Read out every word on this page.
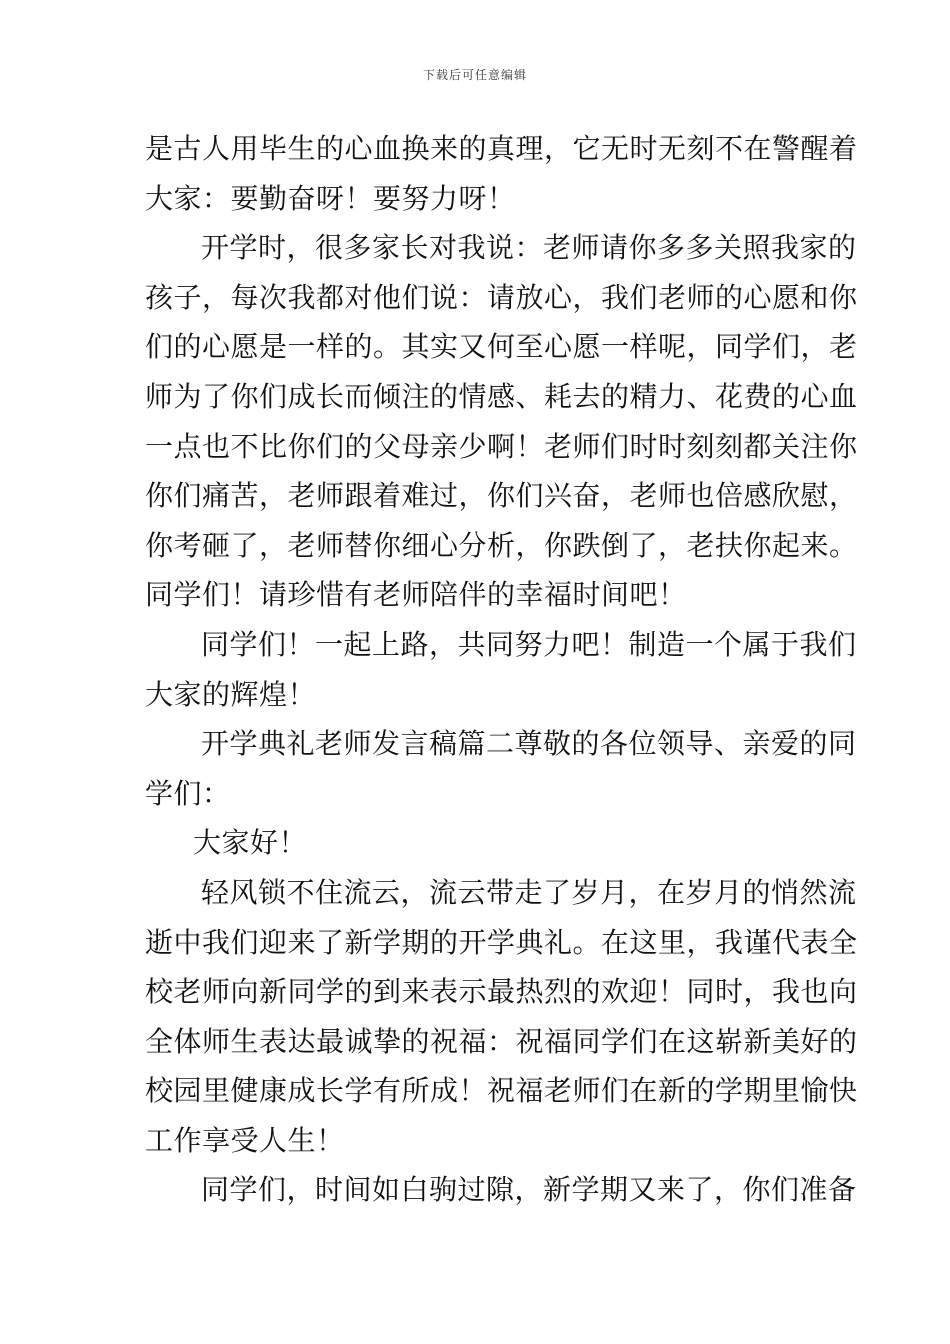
下载后可任意编辑
是古人用毕生的心血换来的真理，它无时无刻不在警醒着
大家：要勤奋呀！要努力呀！
开学时，很多家长对我说：老师请你多多关照我家的
孩子，每次我都对他们说：请放心，我们老师的心愿和你
们的心愿是一样的。其实又何至心愿一样呢，同学们，老
师为了你们成长而倾注的情感、耗去的精力、花费的心血
一点也不比你们的父母亲少啊！老师们时时刻刻都关注你
你们痛苦，老师跟着难过，你们兴奋，老师也倍感欣慰，
你考砸了，老师替你细心分析，你跌倒了，老扶你起来。
同学们！请珍惜有老师陪伴的幸福时间吧！
同学们！一起上路，共同努力吧！制造一个属于我们
大家的辉煌！
开学典礼老师发言稿篇二尊敬的各位领导、亲爱的同
学们：
大家好！
轻风锁不住流云，流云带走了岁月，在岁月的悄然流
逝中我们迎来了新学期的开学典礼。在这里，我谨代表全
校老师向新同学的到来表示最热烈的欢迎！同时，我也向
全体师生表达最诚挚的祝福：祝福同学们在这崭新美好的
校园里健康成长学有所成！祝福老师们在新的学期里愉快
工作享受人生！
同学们，时间如白驹过隙，新学期又来了，你们准备
